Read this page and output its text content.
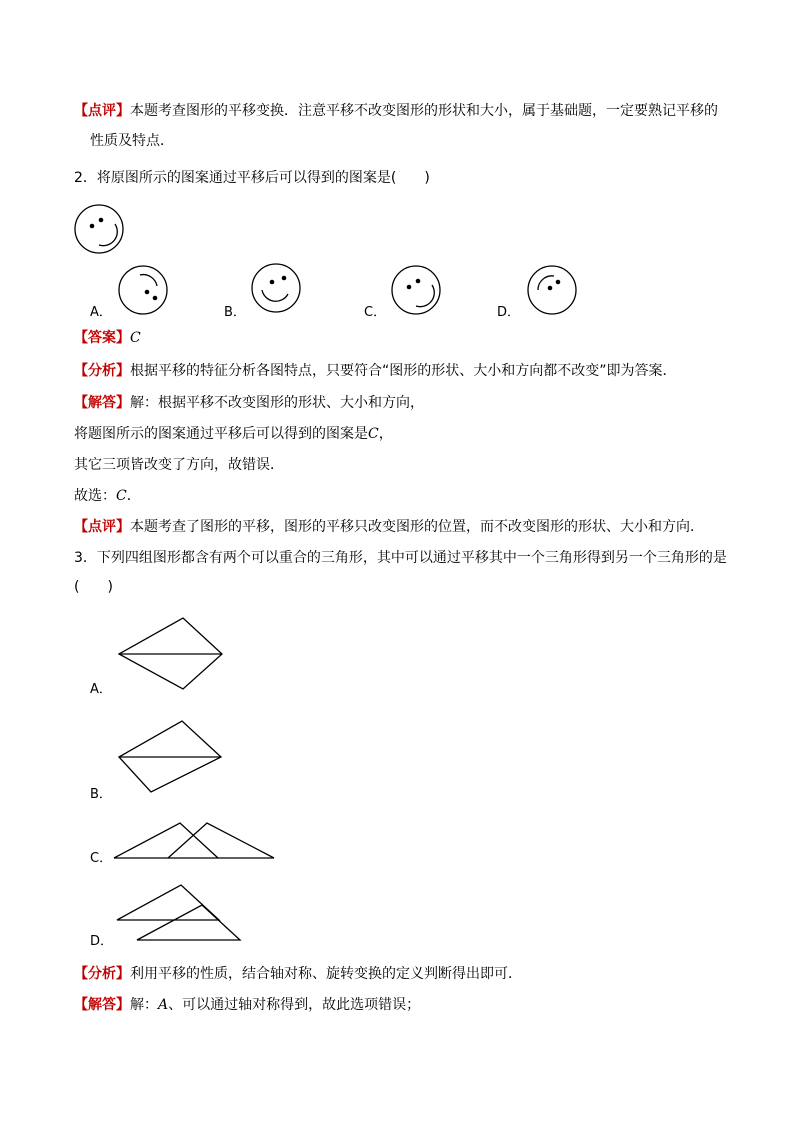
【点评】本题考查图形的平移变换．注意平移不改变图形的形状和大小，属于基础题，一定要熟记平移的
性质及特点．
2．将原图所示的图案通过平移后可以得到的图案是(　　)
A．	B．	C．	D．
【答案】C
【分析】根据平移的特征分析各图特点，只要符合“图形的形状、大小和方向都不改变”即为答案．
【解答】解：根据平移不改变图形的形状、大小和方向，
将题图所示的图案通过平移后可以得到的图案是C，
其它三项皆改变了方向，故错误．
故选：C．
【点评】本题考查了图形的平移，图形的平移只改变图形的位置，而不改变图形的形状、大小和方向．
3．下列四组图形都含有两个可以重合的三角形，其中可以通过平移其中一个三角形得到另一个三角形的是
(　　)
A．
B．
C．
D．
【分析】利用平移的性质，结合轴对称、旋转变换的定义判断得出即可．
【解答】解：A、可以通过轴对称得到，故此选项错误；
